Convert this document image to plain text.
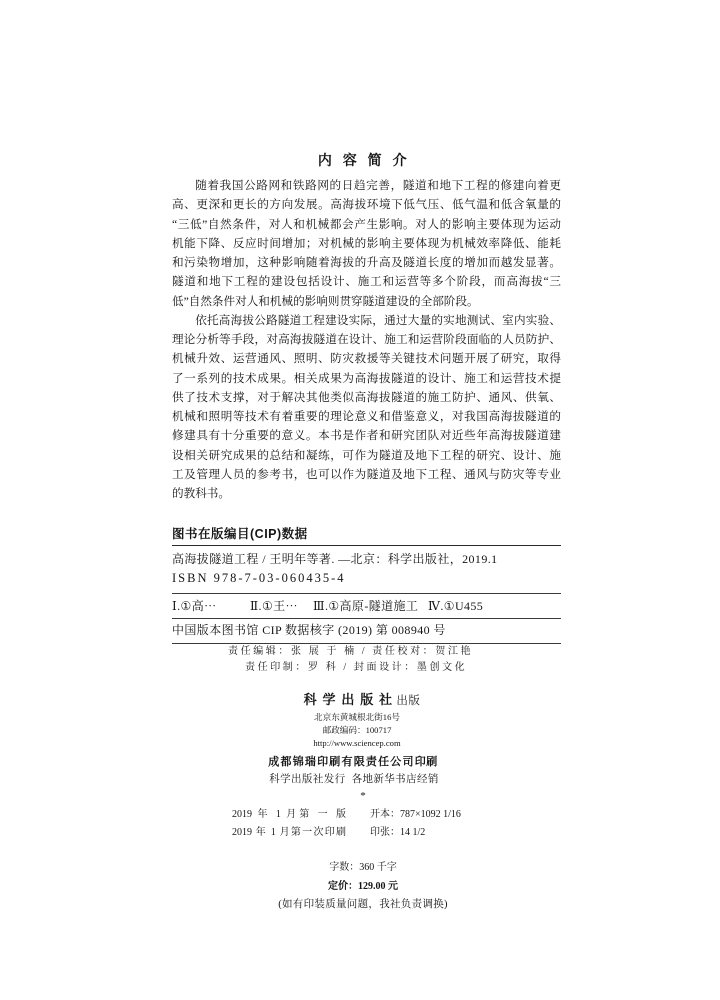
内 容 简 介
随着我国公路网和铁路网的日趋完善，隧道和地下工程的修建向着更
高、更深和更长的方向发展。高海拔环境下低气压、低气温和低含氧量的
“三低”自然条件，对人和机械都会产生影响。对人的影响主要体现为运动
机能下降、反应时间增加；对机械的影响主要体现为机械效率降低、能耗
和污染物增加，这种影响随着海拔的升高及隧道长度的增加而越发显著。
隧道和地下工程的建设包括设计、施工和运营等多个阶段，而高海拔“三
低”自然条件对人和机械的影响则贯穿隧道建设的全部阶段。
依托高海拔公路隧道工程建设实际，通过大量的实地测试、室内实验、
理论分析等手段，对高海拔隧道在设计、施工和运营阶段面临的人员防护、
机械升效、运营通风、照明、防灾救援等关键技术问题开展了研究，取得
了一系列的技术成果。相关成果为高海拔隧道的设计、施工和运营技术提
供了技术支撑，对于解决其他类似高海拔隧道的施工防护、通风、供氧、
机械和照明等技术有着重要的理论意义和借鉴意义，对我国高海拔隧道的
修建具有十分重要的意义。本书是作者和研究团队对近些年高海拔隧道建
设相关研究成果的总结和凝练，可作为隧道及地下工程的研究、设计、施
工及管理人员的参考书，也可以作为隧道及地下工程、通风与防灾等专业
的教科书。
图书在版编目(CIP)数据
高海拔隧道工程 / 王明年等著. —北京：科学出版社，2019.1
ISBN 978-7-03-060435-4
Ⅰ.①高⋯	Ⅱ.①王⋯	Ⅲ.①高原-隧道施工 Ⅳ.①U455
中国版本图书馆 CIP 数据核字 (2019) 第 008940 号
责任编辑：张 展 于 楠 / 责任校对：贺江艳
责任印制：罗 科 / 封面设计：墨创文化
科 学 出 版 社 出版
北京东黄城根北街16号
邮政编码：100717
http://www.sciencep.com
成都锦瑞印刷有限责任公司印刷
科学出版社发行  各地新华书店经销
*
2019 年 1 月第 一 版 开本：787×1092 1/16
2019 年 1 月第一次印刷 印张：14 1/2
字数：360 千字
定价：129.00 元
(如有印装质量问题，我社负责调换)
